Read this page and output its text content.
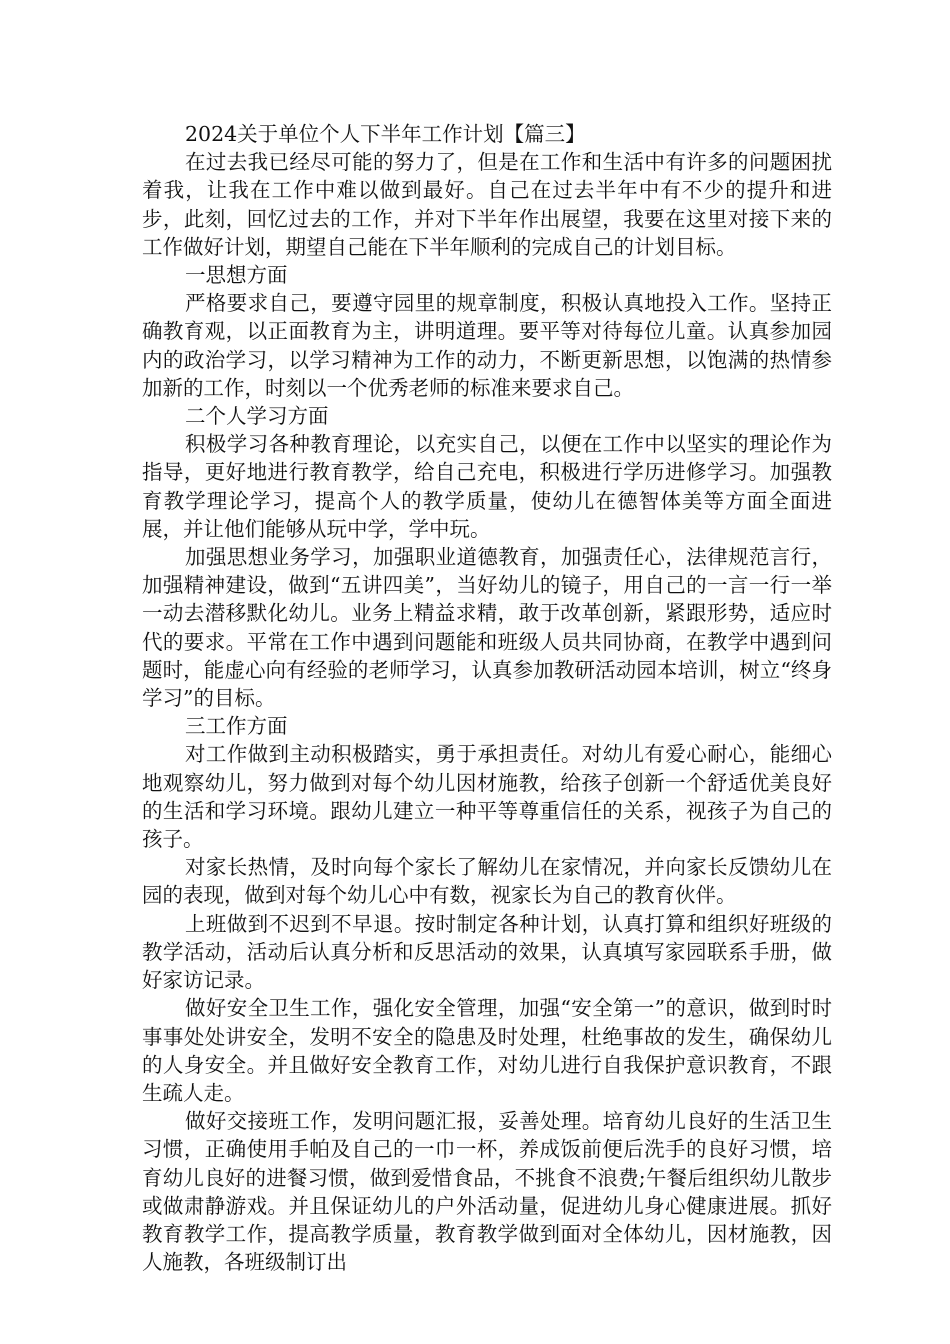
2024关于单位个人下半年工作计划【篇三】

在过去我已经尽可能的努力了，但是在工作和生活中有许多的问题困扰着我，让我在工作中难以做到最好。自己在过去半年中有不少的提升和进步，此刻，回忆过去的工作，并对下半年作出展望，我要在这里对接下来的工作做好计划，期望自己能在下半年顺利的完成自己的计划目标。

一思想方面

严格要求自己，要遵守园里的规章制度，积极认真地投入工作。坚持正确教育观，以正面教育为主，讲明道理。要平等对待每位儿童。认真参加园内的政治学习，以学习精神为工作的动力，不断更新思想，以饱满的热情参加新的工作，时刻以一个优秀老师的标准来要求自己。

二个人学习方面

积极学习各种教育理论，以充实自己，以便在工作中以坚实的理论作为指导，更好地进行教育教学，给自己充电，积极进行学历进修学习。加强教育教学理论学习，提高个人的教学质量，使幼儿在德智体美等方面全面进展，并让他们能够从玩中学，学中玩。

加强思想业务学习，加强职业道德教育，加强责任心，法律规范言行，加强精神建设，做到“五讲四美”，当好幼儿的镜子，用自己的一言一行一举一动去潜移默化幼儿。业务上精益求精，敢于改革创新，紧跟形势，适应时代的要求。平常在工作中遇到问题能和班级人员共同协商，在教学中遇到问题时，能虚心向有经验的老师学习，认真参加教研活动园本培训，树立“终身学习”的目标。

三工作方面

对工作做到主动积极踏实，勇于承担责任。对幼儿有爱心耐心，能细心地观察幼儿，努力做到对每个幼儿因材施教，给孩子创新一个舒适优美良好的生活和学习环境。跟幼儿建立一种平等尊重信任的关系，视孩子为自己的孩子。

对家长热情，及时向每个家长了解幼儿在家情况，并向家长反馈幼儿在园的表现，做到对每个幼儿心中有数，视家长为自己的教育伙伴。

上班做到不迟到不早退。按时制定各种计划，认真打算和组织好班级的教学活动，活动后认真分析和反思活动的效果，认真填写家园联系手册，做好家访记录。

做好安全卫生工作，强化安全管理，加强“安全第一”的意识，做到时时事事处处讲安全，发明不安全的隐患及时处理，杜绝事故的发生，确保幼儿的人身安全。并且做好安全教育工作，对幼儿进行自我保护意识教育，不跟生疏人走。

做好交接班工作，发明问题汇报，妥善处理。培育幼儿良好的生活卫生习惯，正确使用手帕及自己的一巾一杯，养成饭前便后洗手的良好习惯，培育幼儿良好的进餐习惯，做到爱惜食品，不挑食不浪费;午餐后组织幼儿散步或做肃静游戏。并且保证幼儿的户外活动量，促进幼儿身心健康进展。抓好教育教学工作，提高教学质量，教育教学做到面对全体幼儿，因材施教，因人施教，各班级制订出
